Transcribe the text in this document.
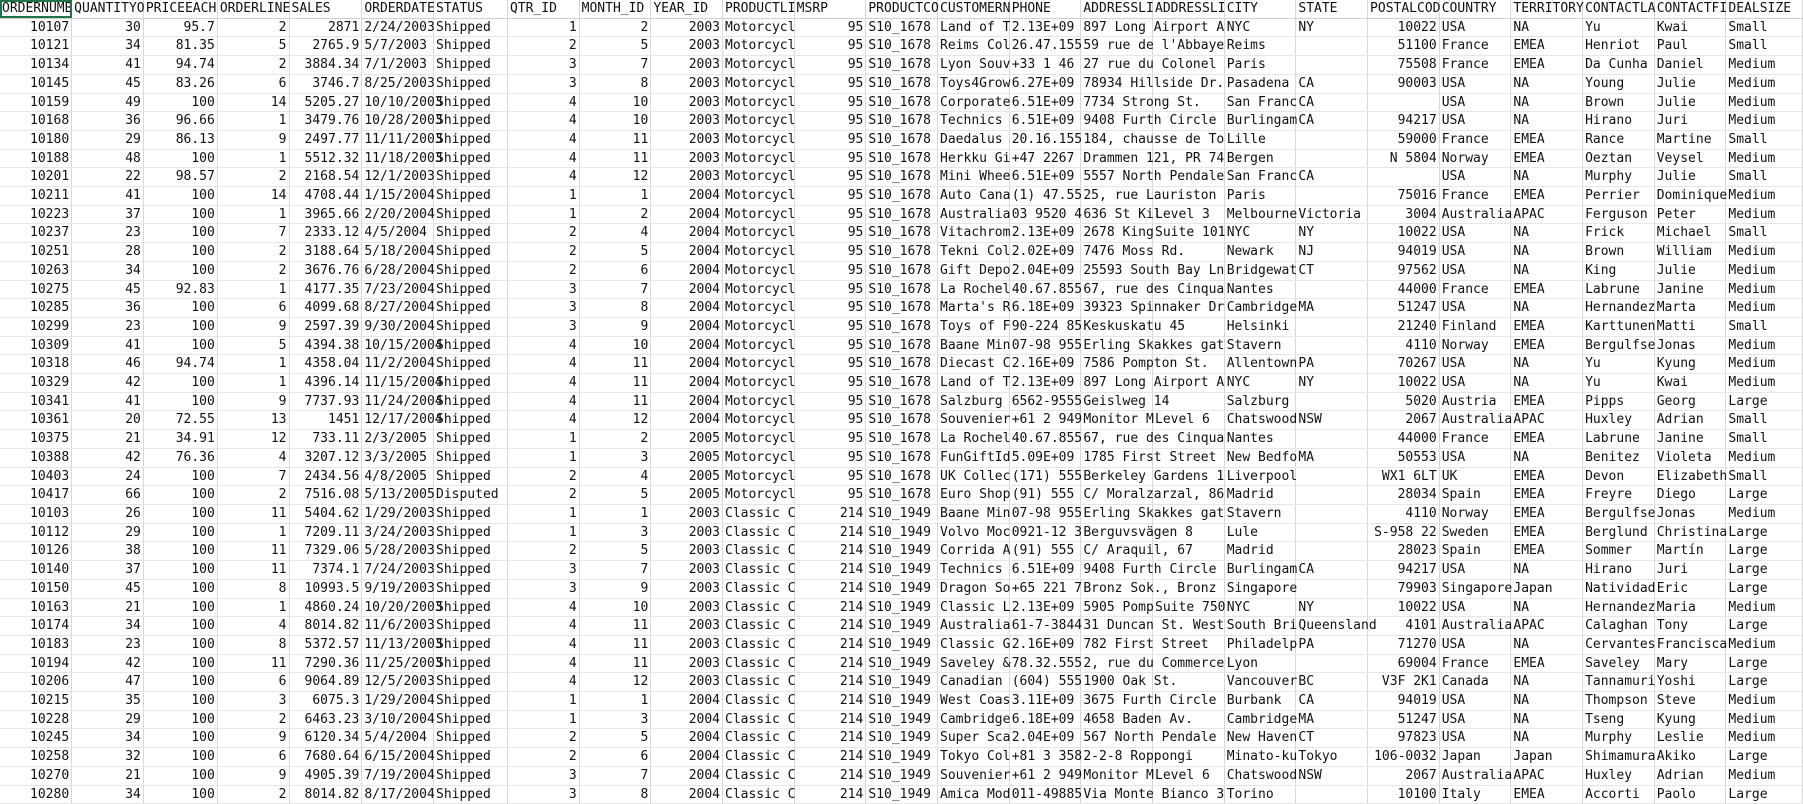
ORDERNUMB	QUANTITYO	PRICEEACH	ORDERLINE	SALES	ORDERDATE	STATUS	QTR_ID	MONTH_ID	YEAR_ID	PRODUCTLI	MSRP	PRODUCTCO	CUSTOMERN	PHONE	ADDRESSLI	ADDRESSLI	CITY	STATE	POSTALCOD	COUNTRY	TERRITORY	CONTACTLA	CONTACTFI	DEALSIZE
10107	30	95.7	2	2871	2/24/2003	Shipped	1	2	2003	Motorcycl	95	S10_1678	Land of T	2.13E+09	897 Long Airport A		NYC	NY	10022	USA	NA	Yu	Kwai	Small
10121	34	81.35	5	2765.9	5/7/2003	Shipped	2	5	2003	Motorcycl	95	S10_1678	Reims Col	26.47.155	59 rue de l'Abbaye		Reims		51100	France	EMEA	Henriot	Paul	Small
10134	41	94.74	2	3884.34	7/1/2003	Shipped	3	7	2003	Motorcycl	95	S10_1678	Lyon Souv	+33 1 46	27 rue du Colonel		Paris		75508	France	EMEA	Da Cunha	Daniel	Medium
10145	45	83.26	6	3746.7	8/25/2003	Shipped	3	8	2003	Motorcycl	95	S10_1678	Toys4Grow	6.27E+09	78934 Hillside Dr.		Pasadena	CA	90003	USA	NA	Young	Julie	Medium
10159	49	100	14	5205.27	10/10/2003	Shipped	4	10	2003	Motorcycl	95	S10_1678	Corporate	6.51E+09	7734 Strong St.		San Franc	CA		USA	NA	Brown	Julie	Medium
10168	36	96.66	1	3479.76	10/28/2003	Shipped	4	10	2003	Motorcycl	95	S10_1678	Technics	6.51E+09	9408 Furth Circle		Burlingam	CA	94217	USA	NA	Hirano	Juri	Medium
10180	29	86.13	9	2497.77	11/11/2003	Shipped	4	11	2003	Motorcycl	95	S10_1678	Daedalus	20.16.155	184, chausse de To		Lille		59000	France	EMEA	Rance	Martine	Small
10188	48	100	1	5512.32	11/18/2003	Shipped	4	11	2003	Motorcycl	95	S10_1678	Herkku Gi	+47 2267	Drammen 121, PR 74		Bergen		N 5804	Norway	EMEA	Oeztan	Veysel	Medium
10201	22	98.57	2	2168.54	12/1/2003	Shipped	4	12	2003	Motorcycl	95	S10_1678	Mini Whee	6.51E+09	5557 North Pendale		San Franc	CA		USA	NA	Murphy	Julie	Small
10211	41	100	14	4708.44	1/15/2004	Shipped	1	1	2004	Motorcycl	95	S10_1678	Auto Cana	(1) 47.55	25, rue Lauriston		Paris		75016	France	EMEA	Perrier	Dominique	Medium
10223	37	100	1	3965.66	2/20/2004	Shipped	1	2	2004	Motorcycl	95	S10_1678	Australia	03 9520 4	636 St Kil	Level 3	Melbourne	Victoria	3004	Australia	APAC	Ferguson	Peter	Medium
10237	23	100	7	2333.12	4/5/2004	Shipped	2	4	2004	Motorcycl	95	S10_1678	Vitachrom	2.13E+09	2678 King	Suite 101	NYC	NY	10022	USA	NA	Frick	Michael	Small
10251	28	100	2	3188.64	5/18/2004	Shipped	2	5	2004	Motorcycl	95	S10_1678	Tekni Col	2.02E+09	7476 Moss Rd.		Newark	NJ	94019	USA	NA	Brown	William	Medium
10263	34	100	2	3676.76	6/28/2004	Shipped	2	6	2004	Motorcycl	95	S10_1678	Gift Depo	2.04E+09	25593 South Bay Ln		Bridgewat	CT	97562	USA	NA	King	Julie	Medium
10275	45	92.83	1	4177.35	7/23/2004	Shipped	3	7	2004	Motorcycl	95	S10_1678	La Rochel	40.67.855	67, rue des Cinqua		Nantes		44000	France	EMEA	Labrune	Janine	Medium
10285	36	100	6	4099.68	8/27/2004	Shipped	3	8	2004	Motorcycl	95	S10_1678	Marta's R	6.18E+09	39323 Spinnaker Dr		Cambridge	MA	51247	USA	NA	Hernandez	Marta	Medium
10299	23	100	9	2597.39	9/30/2004	Shipped	3	9	2004	Motorcycl	95	S10_1678	Toys of F	90-224 85	Keskuskatu 45		Helsinki		21240	Finland	EMEA	Karttunen	Matti	Small
10309	41	100	5	4394.38	10/15/2004	Shipped	4	10	2004	Motorcycl	95	S10_1678	Baane Min	07-98 955	Erling Skakkes gat		Stavern		4110	Norway	EMEA	Bergulfse	Jonas	Medium
10318	46	94.74	1	4358.04	11/2/2004	Shipped	4	11	2004	Motorcycl	95	S10_1678	Diecast C	2.16E+09	7586 Pompton St.		Allentown	PA	70267	USA	NA	Yu	Kyung	Medium
10329	42	100	1	4396.14	11/15/2004	Shipped	4	11	2004	Motorcycl	95	S10_1678	Land of T	2.13E+09	897 Long Airport A		NYC	NY	10022	USA	NA	Yu	Kwai	Medium
10341	41	100	9	7737.93	11/24/2004	Shipped	4	11	2004	Motorcycl	95	S10_1678	Salzburg	6562-9555	Geislweg 14		Salzburg		5020	Austria	EMEA	Pipps	Georg	Large
10361	20	72.55	13	1451	12/17/2004	Shipped	4	12	2004	Motorcycl	95	S10_1678	Souvenier	+61 2 949	Monitor M	Level 6	Chatswood	NSW	2067	Australia	APAC	Huxley	Adrian	Small
10375	21	34.91	12	733.11	2/3/2005	Shipped	1	2	2005	Motorcycl	95	S10_1678	La Rochel	40.67.855	67, rue des Cinqua		Nantes		44000	France	EMEA	Labrune	Janine	Small
10388	42	76.36	4	3207.12	3/3/2005	Shipped	1	3	2005	Motorcycl	95	S10_1678	FunGiftId	5.09E+09	1785 First Street		New Bedfo	MA	50553	USA	NA	Benitez	Violeta	Medium
10403	24	100	7	2434.56	4/8/2005	Shipped	2	4	2005	Motorcycl	95	S10_1678	UK Collec	(171) 555	Berkeley Gardens 1		Liverpool		WX1 6LT	UK	EMEA	Devon	Elizabeth	Small
10417	66	100	2	7516.08	5/13/2005	Disputed	2	5	2005	Motorcycl	95	S10_1678	Euro Shop	(91) 555	C/ Moralzarzal, 86		Madrid		28034	Spain	EMEA	Freyre	Diego	Large
10103	26	100	11	5404.62	1/29/2003	Shipped	1	1	2003	Classic C	214	S10_1949	Baane Min	07-98 955	Erling Skakkes gat		Stavern		4110	Norway	EMEA	Bergulfse	Jonas	Medium
10112	29	100	1	7209.11	3/24/2003	Shipped	1	3	2003	Classic C	214	S10_1949	Volvo Moc	0921-12 3	Berguvsvägen 8		Lule		S-958 22	Sweden	EMEA	Berglund	Christina	Large
10126	38	100	11	7329.06	5/28/2003	Shipped	2	5	2003	Classic C	214	S10_1949	Corrida A	(91) 555	C/ Araquil, 67		Madrid		28023	Spain	EMEA	Sommer	Martín	Large
10140	37	100	11	7374.1	7/24/2003	Shipped	3	7	2003	Classic C	214	S10_1949	Technics	6.51E+09	9408 Furth Circle		Burlingam	CA	94217	USA	NA	Hirano	Juri	Large
10150	45	100	8	10993.5	9/19/2003	Shipped	3	9	2003	Classic C	214	S10_1949	Dragon So	+65 221 7	Bronz Sok., Bronz		Singapore		79903	Singapore	Japan	Natividad	Eric	Large
10163	21	100	1	4860.24	10/20/2003	Shipped	4	10	2003	Classic C	214	S10_1949	Classic L	2.13E+09	5905 Pomp	Suite 750	NYC	NY	10022	USA	NA	Hernandez	Maria	Medium
10174	34	100	4	8014.82	11/6/2003	Shipped	4	11	2003	Classic C	214	S10_1949	Australia	61-7-3844	31 Duncan St. West		South Bri	Queensland	4101	Australia	APAC	Calaghan	Tony	Large
10183	23	100	8	5372.57	11/13/2003	Shipped	4	11	2003	Classic C	214	S10_1949	Classic G	2.16E+09	782 First Street		Philadelp	PA	71270	USA	NA	Cervantes	Francisca	Medium
10194	42	100	11	7290.36	11/25/2003	Shipped	4	11	2003	Classic C	214	S10_1949	Saveley &	78.32.555	2, rue du Commerce		Lyon		69004	France	EMEA	Saveley	Mary	Large
10206	47	100	6	9064.89	12/5/2003	Shipped	4	12	2003	Classic C	214	S10_1949	Canadian	(604) 555	1900 Oak St.		Vancouver	BC	V3F 2K1	Canada	NA	Tannamuri	Yoshi	Large
10215	35	100	3	6075.3	1/29/2004	Shipped	1	1	2004	Classic C	214	S10_1949	West Coas	3.11E+09	3675 Furth Circle		Burbank	CA	94019	USA	NA	Thompson	Steve	Medium
10228	29	100	2	6463.23	3/10/2004	Shipped	1	3	2004	Classic C	214	S10_1949	Cambridge	6.18E+09	4658 Baden Av.		Cambridge	MA	51247	USA	NA	Tseng	Kyung	Medium
10245	34	100	9	6120.34	5/4/2004	Shipped	2	5	2004	Classic C	214	S10_1949	Super Sca	2.04E+09	567 North Pendale		New Haven	CT	97823	USA	NA	Murphy	Leslie	Medium
10258	32	100	6	7680.64	6/15/2004	Shipped	2	6	2004	Classic C	214	S10_1949	Tokyo Col	+81 3 358	2-2-8 Roppongi		Minato-ku	Tokyo	106-0032	Japan	Japan	Shimamura	Akiko	Large
10270	21	100	9	4905.39	7/19/2004	Shipped	3	7	2004	Classic C	214	S10_1949	Souvenier	+61 2 949	Monitor M	Level 6	Chatswood	NSW	2067	Australia	APAC	Huxley	Adrian	Medium
10280	34	100	2	8014.82	8/17/2004	Shipped	3	8	2004	Classic C	214	S10_1949	Amica Mod	011-49885	Via Monte Bianco 3		Torino		10100	Italy	EMEA	Accorti	Paolo	Large
